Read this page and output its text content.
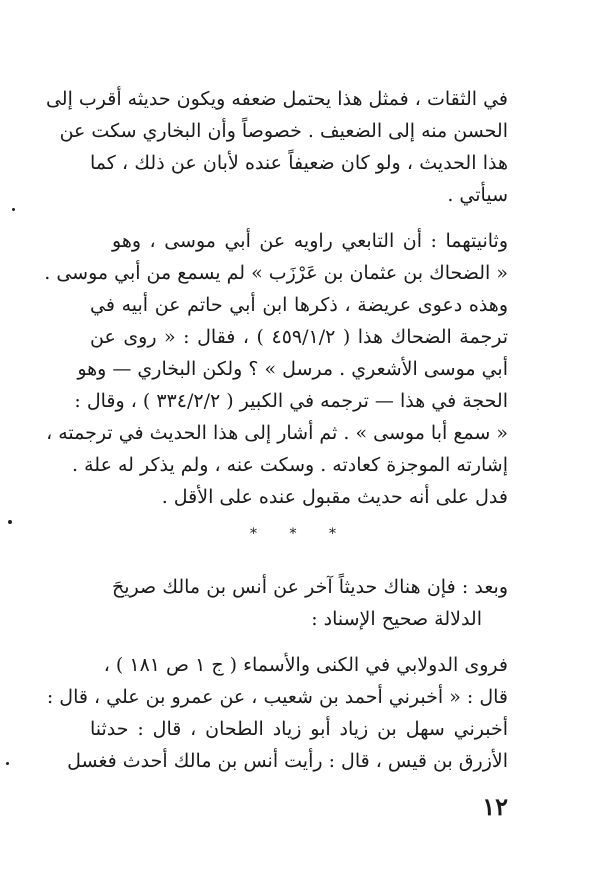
في الثقات ، فمثل هذا يحتمل ضعفه ويكون حديثه أقرب إلى
الحسن منه إلى الضعيف . خصوصاً وأن البخاري سكت عن
هذا الحديث ، ولو كان ضعيفاً عنده لأبان عن ذلك ، كما
سيأتي .
وثانيتهما : أن التابعي راويه عن أبي موسى ، وهو
« الضحاك بن عثمان بن عَرْزَب » لم يسمع من أبي موسى .
وهذه دعوى عريضة ، ذكرها ابن أبي حاتم عن أبيه في
ترجمة الضحاك هذا ( ٤٥٩/١/٢ ) ، فقال : « روى عن
أبي موسى الأشعري . مرسل » ؟ ولكن البخاري — وهو
الحجة في هذا — ترجمه في الكبير ( ٣٣٤/٢/٢ ) ، وقال :
« سمع أبا موسى » . ثم أشار إلى هذا الحديث في ترجمته ،
إشارته الموجزة كعادته . وسكت عنه ، ولم يذكر له علة .
فدل على أنه حديث مقبول عنده على الأقل .
* * *
وبعد : فإن هناك حديثاً آخر عن أنس بن مالك صريحَ
الدلالة صحيح الإسناد :
فروى الدولابي في الكنى والأسماء ( ج ١ ص ١٨١ ) ،
قال : « أخبرني أحمد بن شعيب ، عن عمرو بن علي ، قال :
أخبرني سهل بن زياد أبو زياد الطحان ، قال : حدثنا
الأزرق بن قيس ، قال : رأيت أنس بن مالك أحدث فغسل
١٢
